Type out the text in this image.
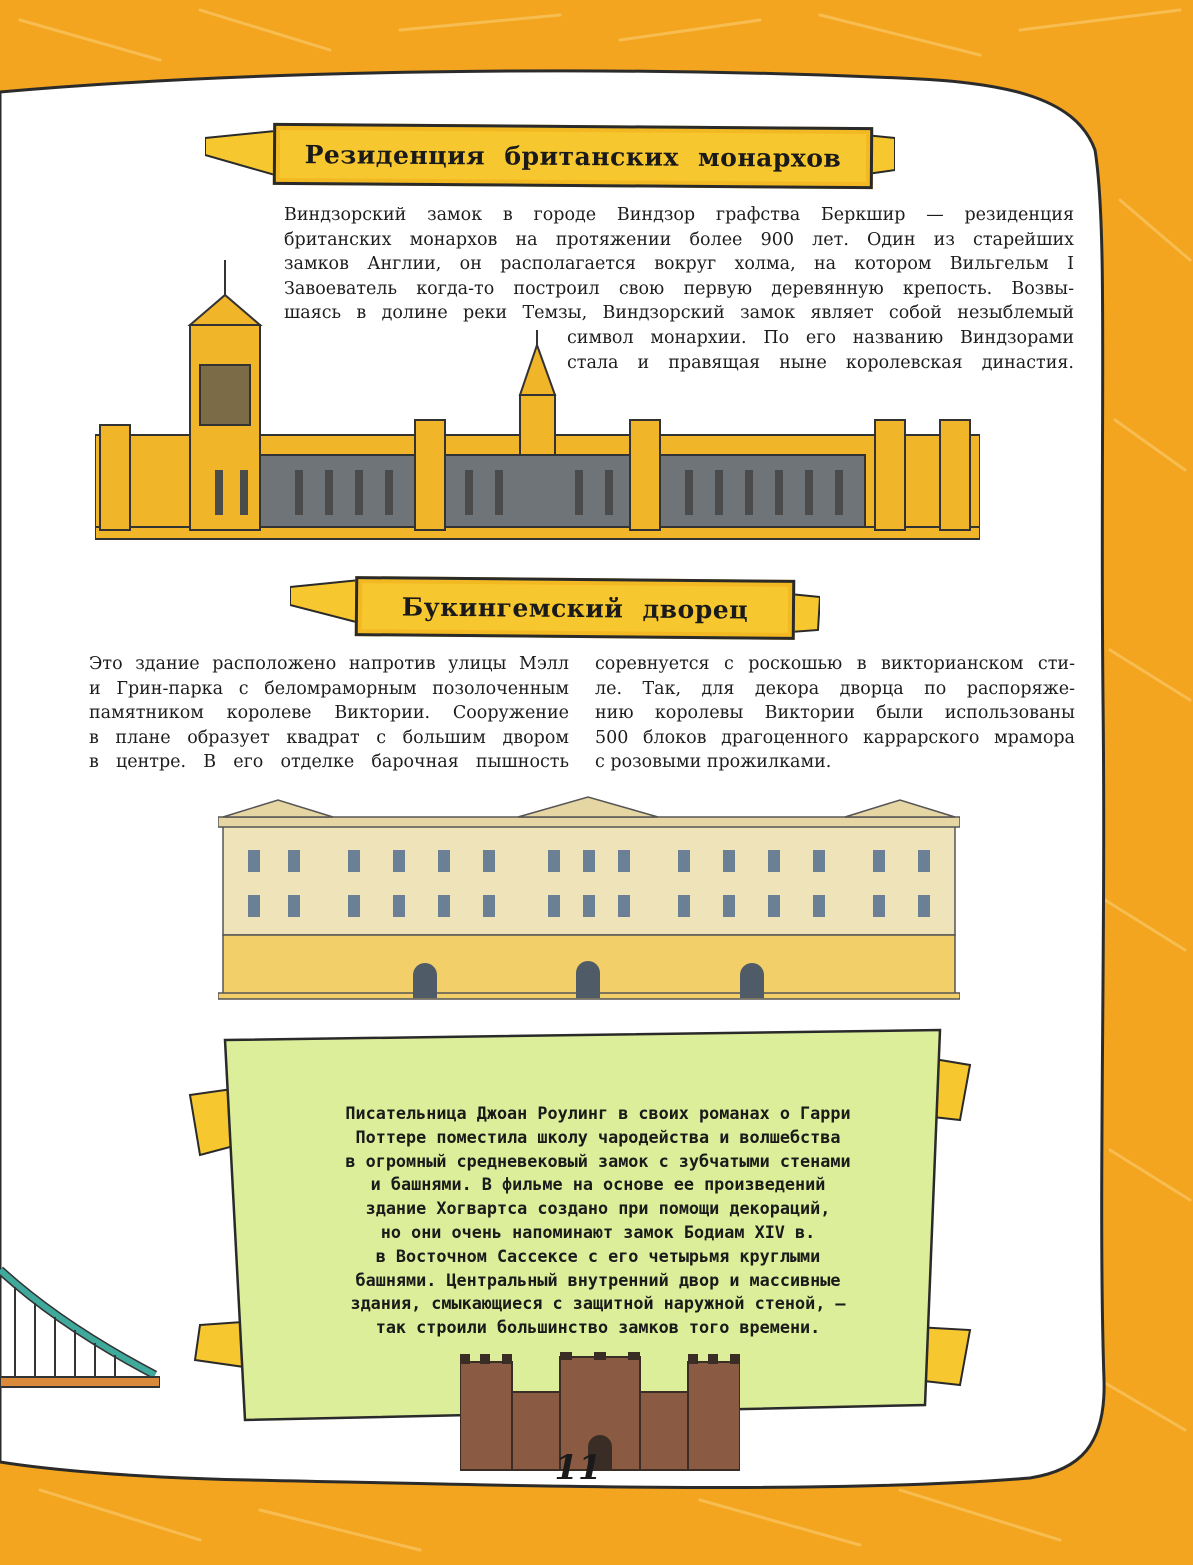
Резиденция британских монархов
Виндзорский замок в городе Виндзор графства Беркшир — резиденция
британских монархов на протяжении более 900 лет. Один из старейших
замков Англии, он располагается вокруг холма, на котором Вильгельм I
Завоеватель когда-то построил свою первую деревянную крепость. Возвы-
шаясь в долине реки Темзы, Виндзорский замок являет собой незыблемый
символ монархии. По его названию Виндзорами
стала и правящая ныне королевская династия.
Букингемский дворец
Это здание расположено напротив улицы Мэлл
и Грин-парка с беломраморным позолоченным
памятником королеве Виктории. Сооружение
в плане образует квадрат с большим двором
в центре. В его отделке барочная пышность
соревнуется с роскошью в викторианском сти-
ле. Так, для декора дворца по распоряже-
нию королевы Виктории были использованы
500 блоков драгоценного каррарского мрамора
с розовыми прожилками.
Писательница Джоан Роулинг в своих романах о Гарри
Поттере поместила школу чародейства и волшебства
в огромный средневековый замок с зубчатыми стенами
и башнями. В фильме на основе ее произведений
здание Хогвартса создано при помощи декораций,
но они очень напоминают замок Бодиам XIV в.
в Восточном Сассексе с его четырьмя круглыми
башнями. Центральный внутренний двор и массивные
здания, смыкающиеся с защитной наружной стеной, —
так строили большинство замков того времени.
11
